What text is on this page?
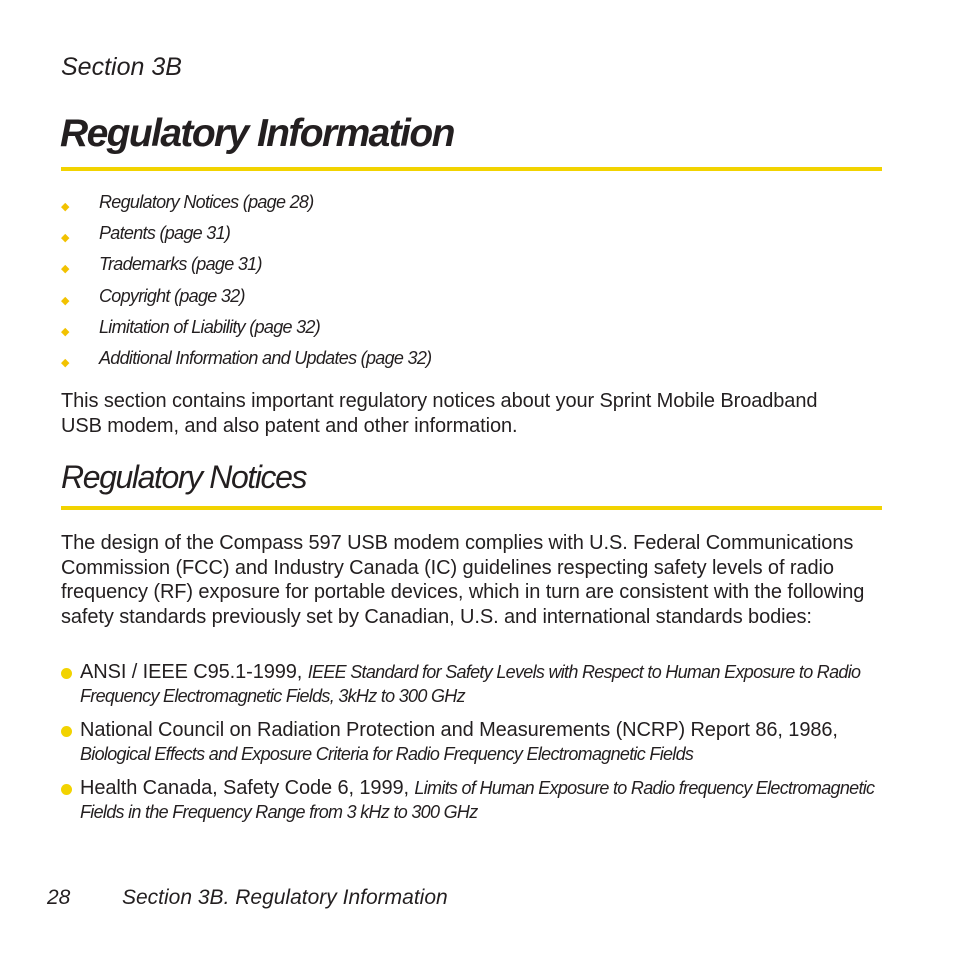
Section 3B
Regulatory Information
◆	Regulatory Notices (page 28)
◆	Patents (page 31)
◆	Trademarks (page 31)
◆	Copyright (page 32)
◆	Limitation of Liability (page 32)
◆	Additional Information and Updates (page 32)

This section contains important regulatory notices about your Sprint Mobile Broadband USB modem, and also patent and other information.

Regulatory Notices

The design of the Compass 597 USB modem complies with U.S. Federal Communications Commission (FCC) and Industry Canada (IC) guidelines respecting safety levels of radio frequency (RF) exposure for portable devices, which in turn are consistent with the following safety standards previously set by Canadian, U.S. and international standards bodies:

ANSI / IEEE C95.1-1999, IEEE Standard for Safety Levels with Respect to Human Exposure to Radio Frequency Electromagnetic Fields, 3kHz to 300 GHz
National Council on Radiation Protection and Measurements (NCRP) Report 86, 1986, Biological Effects and Exposure Criteria for Radio Frequency Electromagnetic Fields
Health Canada, Safety Code 6, 1999, Limits of Human Exposure to Radio frequency Electromagnetic Fields in the Frequency Range from 3 kHz to 300 GHz
28 Section 3B. Regulatory Information
